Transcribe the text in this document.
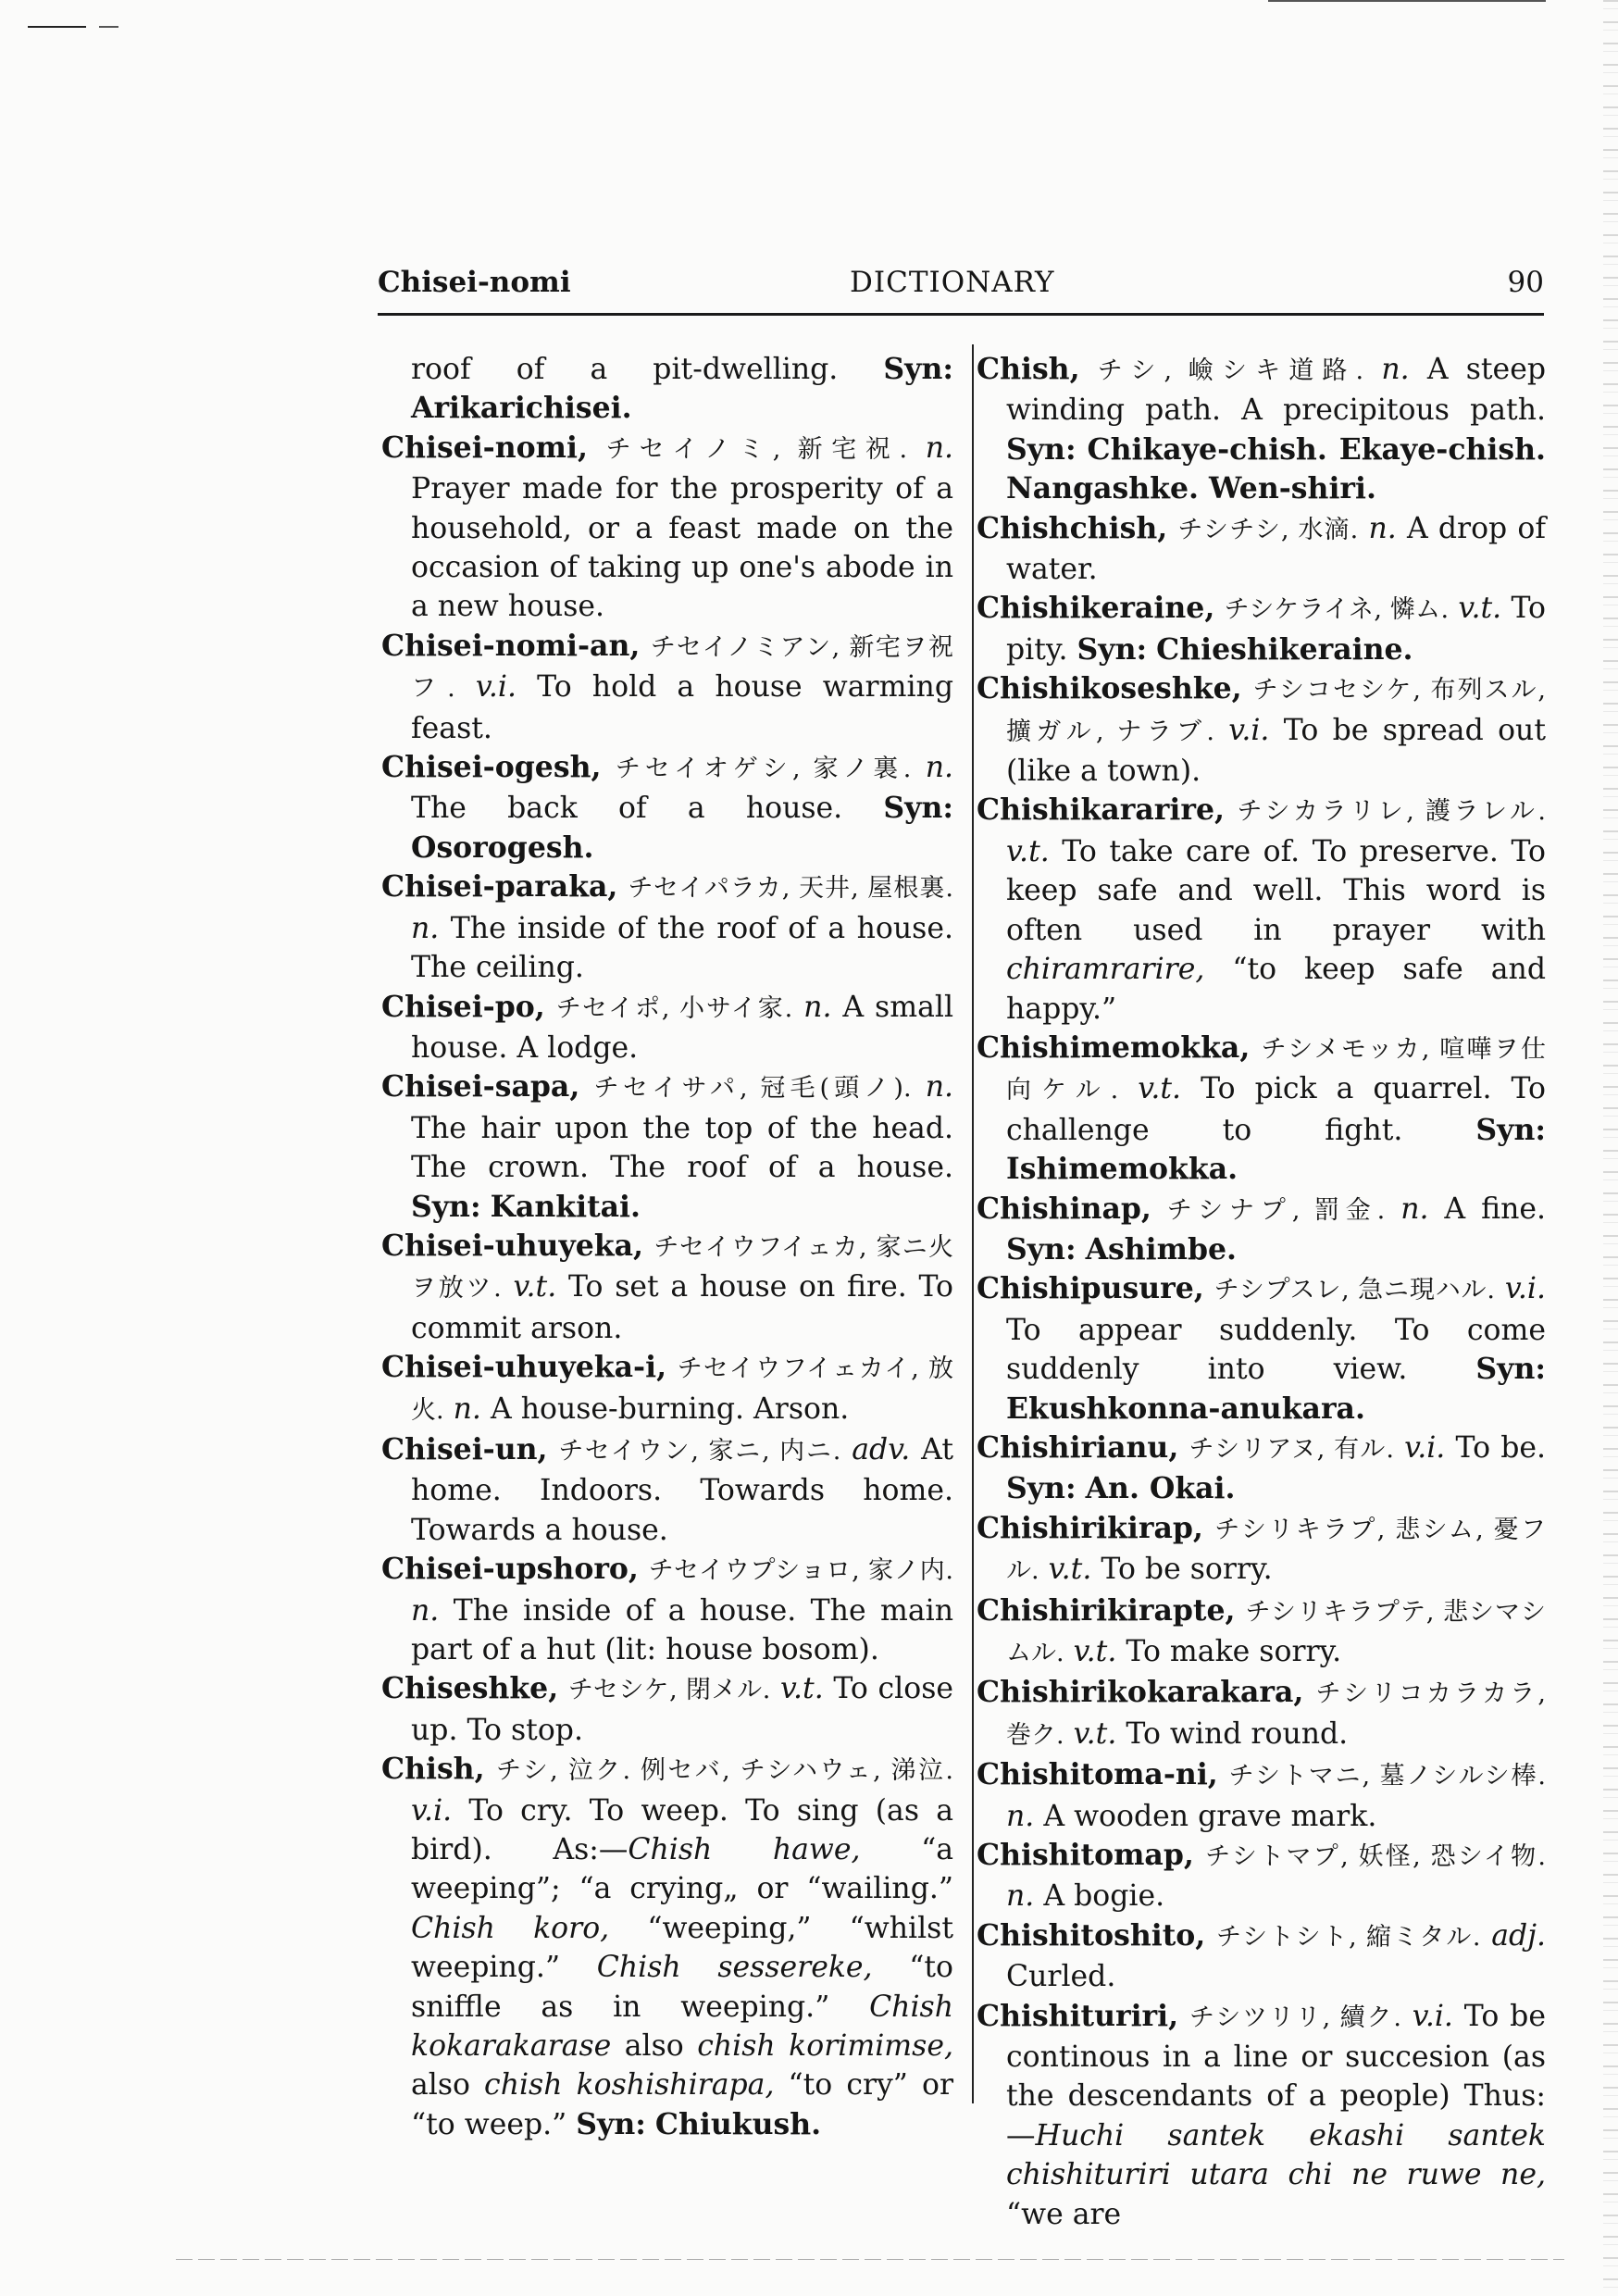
Chisei-nomi	DICTIONARY	90

roof of a pit-dwelling. Syn: Arikarichisei.

Chisei-nomi, チセイノミ, 新宅祝. n. Prayer made for the prosperity of a household, or a feast made on the occasion of taking up one's abode in a new house.

Chisei-nomi-an, チセイノミアン, 新宅ヲ祝フ. v.i. To hold a house warming feast.

Chisei-ogesh, チセイオゲシ, 家ノ裏. n. The back of a house. Syn: Osorogesh.

Chisei-paraka, チセイパラカ, 天井, 屋根裏. n. The inside of the roof of a house. The ceiling.

Chisei-po, チセイポ, 小サイ家. n. A small house. A lodge.

Chisei-sapa, チセイサパ, 冠毛(頭ノ). n. The hair upon the top of the head. The crown. The roof of a house. Syn: Kankitai.

Chisei-uhuyeka, チセイウフイェカ, 家ニ火ヲ放ツ. v.t. To set a house on fire. To commit arson.

Chisei-uhuyeka-i, チセイウフイェカイ, 放火. n. A house-burning. Arson.

Chisei-un, チセイウン, 家ニ, 内ニ. adv. At home. Indoors. Towards home. Towards a house.

Chisei-upshoro, チセイウプショロ, 家ノ内. n. The inside of a house. The main part of a hut (lit: house bosom).

Chiseshke, チセシケ, 閉メル. v.t. To close up. To stop.

Chish, チシ, 泣ク. 例セバ, チシハウェ, 涕泣. v.i. To cry. To weep. To sing (as a bird). As:—Chish hawe, “a weeping”; “a crying„ or “wailing.” Chish koro, “weeping,” “whilst weeping.” Chish sessereke, “to sniffle as in weeping.” Chish kokarakarase also chish korimimse, also chish koshishirapa, “to cry” or “to weep.” Syn: Chiukush.

Chish, チシ, 嶮シキ道路. n. A steep winding path. A precipitous path. Syn: Chikaye-chish. Ekaye-chish. Nangashke. Wen-shiri.

Chishchish, チシチシ, 水滴. n. A drop of water.

Chishikeraine, チシケライネ, 憐ム. v.t. To pity. Syn: Chieshikeraine.

Chishikoseshke, チシコセシケ, 布列スル, 擴ガル, ナラブ. v.i. To be spread out (like a town).

Chishikararire, チシカラリレ, 護ラレル. v.t. To take care of. To preserve. To keep safe and well. This word is often used in prayer with chiramrarire, “to keep safe and happy.”

Chishimemokka, チシメモッカ, 喧嘩ヲ仕向ケル. v.t. To pick a quarrel. To challenge to fight.	Syn: Ishimemokka.

Chishinap, チシナプ, 罰金. n. A fine. Syn: Ashimbe.

Chishipusure, チシプスレ, 急ニ現ハル. v.i. To appear suddenly. To come suddenly into view. Syn: Ekushkonna-anukara.

Chishirianu, チシリアヌ, 有ル. v.i. To be. Syn: An. Okai.

Chishirikirap, チシリキラプ, 悲シム, 憂フル. v.t. To be sorry.

Chishirikirapte, チシリキラプテ, 悲シマシムル. v.t. To make sorry.

Chishirikokarakara, チシリコカラカラ, 巻ク. v.t. To wind round.

Chishitoma-ni, チシトマニ, 墓ノシルシ棒. n. A wooden grave mark.

Chishitomap, チシトマプ, 妖怪, 恐シイ物. n. A bogie.

Chishitoshito, チシトシト, 縮ミタル. adj. Curled.

Chishituriri, チシツリリ, 續ク. v.i. To be continous in a line or succesion (as the descendants of a people) Thus: —Huchi santek ekashi santek chishituriri utara chi ne ruwe ne, “we are
